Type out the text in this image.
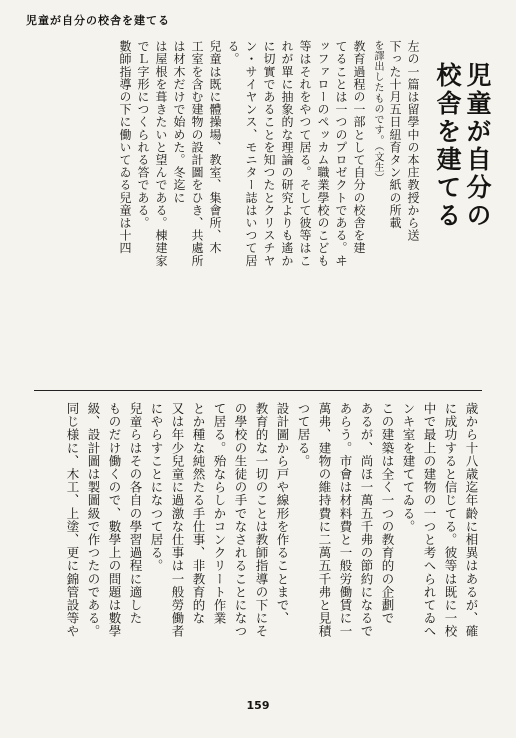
児童が自分の校舎を建てる
児童が自分の
校舎を建てる
左の一篇は留學中の本庄教授から送
下った十月五日紐育タン紙の所載
を譯出したものです。（文生）
教育過程の一部として自分の校舎を建
てることは一つのプロゼクトである。ヰ
ッファローのペッカム職業學校のこども
等はそれをやつて居る。そして彼等はこ
れが單に抽象的な理論の研究よりも遙か
に切實であることを知つたとクリスチヤ
ン・サイヤンス、モニター誌はいつて居
る。
兒童は既に體操場、教室、集會所、木
工室を含む建物の設計圖をひき、共處所
は材木だけで始めた。冬迄に
は屋根を葺きたいと望んである。棟建家
でＬ字形につくられる答である。
數師指導の下に働いてゐる兒童は十四
歳から十八歳迄年齡に相異はあるが、確
に成功すると信じてる。彼等は既に一校
中で最上の建物の一つと考へられてゐへ
ンキ室を建ててゐる。
この建築は全く一つの教育的の企劃で
あるが、尚ほ一萬五千弗の節約になるで
あらう。市會は材料費と一般労働賃に一
萬弗、建物の維持費に二萬五千弗と見積
つて居る。
設計圖から戸や線形を作ることまで、
教育的な一切のことは教師指導の下にそ
の學校の生徒の手でなされることになつ
て居る。殆ならしかコンクリート作業
とか種な純然たる手仕事、非教育的な
又は年少兒童に過激な仕事は一般勞働者
にやらすことになつて居る。
兒童らはその各自の學習過程に適した
ものだけ働くので、數學上の問題は數學
級、設計圖は製圖級で作つたのである。
同じ様に、木工、上塗、更に錦管設等や
159
